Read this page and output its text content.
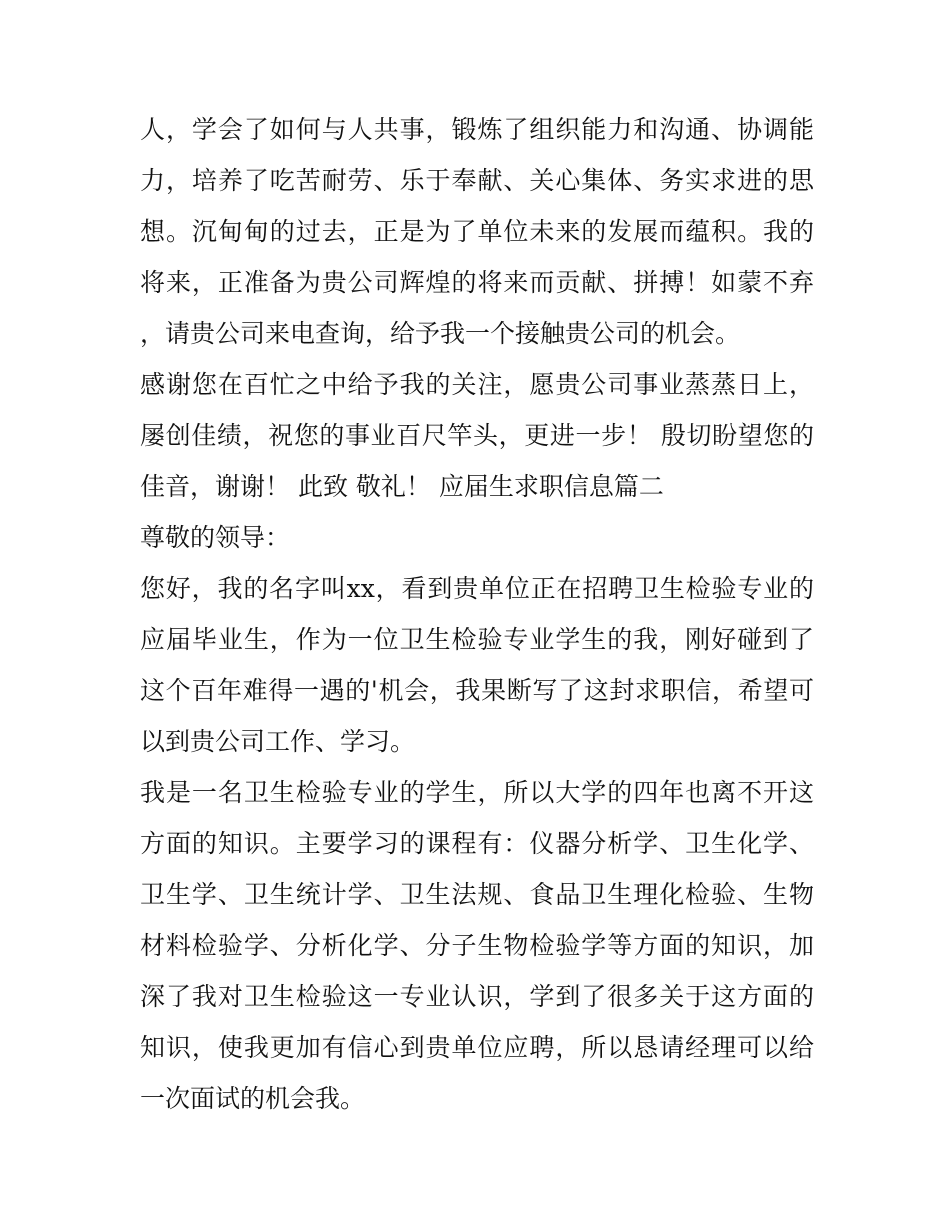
人，学会了如何与人共事，锻炼了组织能力和沟通、协调能力，培养了吃苦耐劳、乐于奉献、关心集体、务实求进的思想。沉甸甸的过去，正是为了单位未来的发展而蕴积。我的将来，正准备为贵公司辉煌的将来而贡献、拼搏！如蒙不弃，请贵公司来电查询，给予我一个接触贵公司的机会。

感谢您在百忙之中给予我的关注，愿贵公司事业蒸蒸日上，屡创佳绩，祝您的事业百尺竿头，更进一步！ 殷切盼望您的佳音，谢谢！ 此致 敬礼！ 应届生求职信息篇二

尊敬的领导：

您好，我的名字叫xx，看到贵单位正在招聘卫生检验专业的应届毕业生，作为一位卫生检验专业学生的我，刚好碰到了这个百年难得一遇的'机会，我果断写了这封求职信，希望可以到贵公司工作、学习。

我是一名卫生检验专业的学生，所以大学的四年也离不开这方面的知识。主要学习的课程有：仪器分析学、卫生化学、卫生学、卫生统计学、卫生法规、食品卫生理化检验、生物材料检验学、分析化学、分子生物检验学等方面的知识，加深了我对卫生检验这一专业认识，学到了很多关于这方面的知识，使我更加有信心到贵单位应聘，所以恳请经理可以给一次面试的机会我。
